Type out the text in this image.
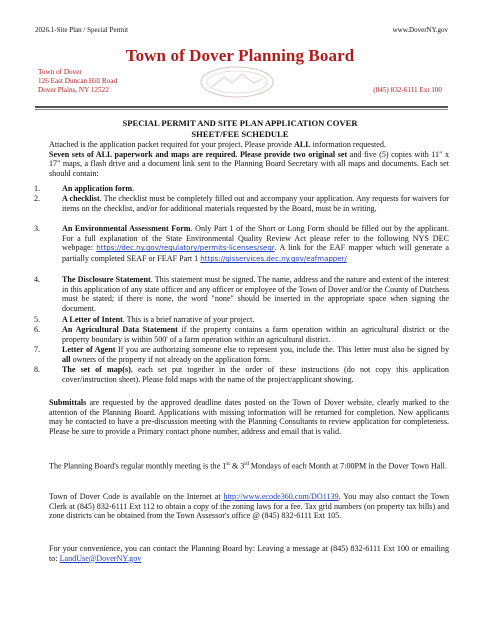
2026.1-Site Plan / Special Permit	www.DoverNY.gov
Town of Dover Planning Board
Town of Dover
126 East Duncan Hill Road
Dover Plains, NY 12522	(845) 832-6111 Ext 100
SPECIAL PERMIT AND SITE PLAN APPLICATION COVER
SHEET/FEE SCHEDULE
Attached is the application packet required for your project. Please provide ALL information requested.
Seven sets of ALL paperwork and maps are required. Please provide two original set and five (5) copies with 11" x 17" maps, a flash drive and a document link sent to the Planning Board Secretary with all maps and documents. Each set should contain:
1.	An application form.
2.	A checklist. The checklist must be completely filled out and accompany your application. Any requests for waivers for items on the checklist, and/or for additional materials requested by the Board, must be in writing.
3.	An Environmental Assessment Form. Only Part 1 of the Short or Long Form should be filled out by the applicant. For a full explanation of the State Environmental Quality Review Act please refer to the following NYS DEC webpage: https://dec.ny.gov/regulatory/permits-licenses/seqr. A link for the EAF mapper which will generate a partially completed SEAF or FEAF Part 1 https://gisservices.dec.ny.gov/eafmapper/
4.	The Disclosure Statement. This statement must be signed. The name, address and the nature and extent of the interest in this application of any state officer and any officer or employee of the Town of Dover and/or the County of Dutchess must be stated; if there is none, the word "none" should be inserted in the appropriate space when signing the document.
5.	A Letter of Intent. This is a brief narrative of your project.
6.	An Agricultural Data Statement if the property contains a farm operation within an agricultural district or the property boundary is within 500' of a farm operation within an agricultural district.
7.	Letter of Agent If you are authorizing someone else to represent you, include the. This letter must also be signed by all owners of the property if not already on the application form.
8.	The set of map(s), each set put together in the order of these instructions (do not copy this application cover/instruction sheet). Please fold maps with the name of the project/applicant showing.
Submittals are requested by the approved deadline dates posted on the Town of Dover website, clearly marked to the attention of the Planning Board. Applications with missing information will be returned for completion. New applicants may be contacted to have a pre-discussion meeting with the Planning Consultants to review application for completeness. Please be sure to provide a Primary contact phone number, address and email that is valid.
The Planning Board's regular monthly meeting is the 1st & 3rd Mondays of each Month at 7:00PM in the Dover Town Hall.
Town of Dover Code is available on the Internet at http://www.ecode360.com/DO1139. You may also contact the Town Clerk at (845) 832-6111 Ext 112 to obtain a copy of the zoning laws for a fee. Tax grid numbers (on property tax bills) and zone districts can be obtained from the Town Assessor's office @ (845) 832-6111 Ext 105.
For your convenience, you can contact the Planning Board by: Leaving a message at (845) 832-6111 Ext 100 or emailing to: LandUse@DoverNY.gov
